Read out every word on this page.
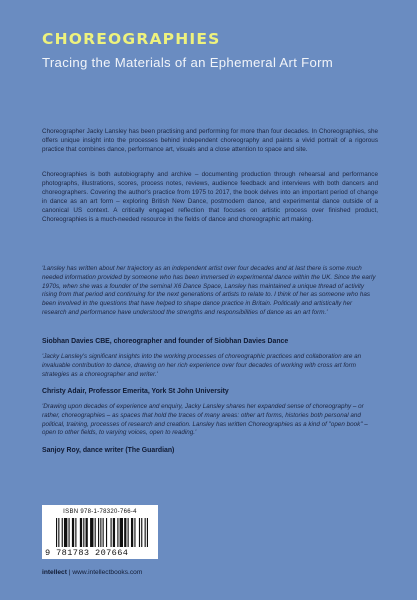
CHOREOGRAPHIES

Tracing the Materials of an Ephemeral Art Form

Choreographer Jacky Lansley has been practising and performing for more than four decades. In Choreographies, she offers unique insight into the processes behind independent choreography and paints a vivid portrait of a rigorous practice that combines dance, performance art, visuals and a close attention to space and site.

Choreographies is both autobiography and archive – documenting production through rehearsal and performance photographs, illustrations, scores, process notes, reviews, audience feedback and interviews with both dancers and choreographers. Covering the author's practice from 1975 to 2017, the book delves into an important period of change in dance as an art form – exploring British New Dance, postmodern dance, and experimental dance outside of a canonical US context. A critically engaged reflection that focuses on artistic process over finished product, Choreographies is a much-needed resource in the fields of dance and choreographic art making.

'Lansley has written about her trajectory as an independent artist over four decades and at last there is some much needed information provided by someone who has been immersed in experimental dance within the UK. Since the early 1970s, when she was a founder of the seminal X6 Dance Space, Lansley has maintained a unique thread of activity rising from that period and continuing for the next generations of artists to relate to. I think of her as someone who has been involved in the questions that have helped to shape dance practice in Britain. Politically and artistically her research and performance have understood the strengths and responsibilities of dance as an art form.'

Siobhan Davies CBE, choreographer and founder of Siobhan Davies Dance

'Jacky Lansley's significant insights into the working processes of choreographic practices and collaboration are an invaluable contribution to dance, drawing on her rich experience over four decades of working with cross art form strategies as a choreographer and writer.'

Christy Adair, Professor Emerita, York St John University

'Drawing upon decades of experience and enquiry, Jacky Lansley shares her expanded sense of choreography – or rather, choreographies – as spaces that hold the traces of many areas: other art forms, histories both personal and political, training, processes of research and creation. Lansley has written Choreographies as a kind of "open book" – open to other fields, to varying voices, open to reading.'

Sanjoy Roy, dance writer (The Guardian)

ISBN 978-1-78320-766-4
9 781783 207664
intellect | www.intellectbooks.com
